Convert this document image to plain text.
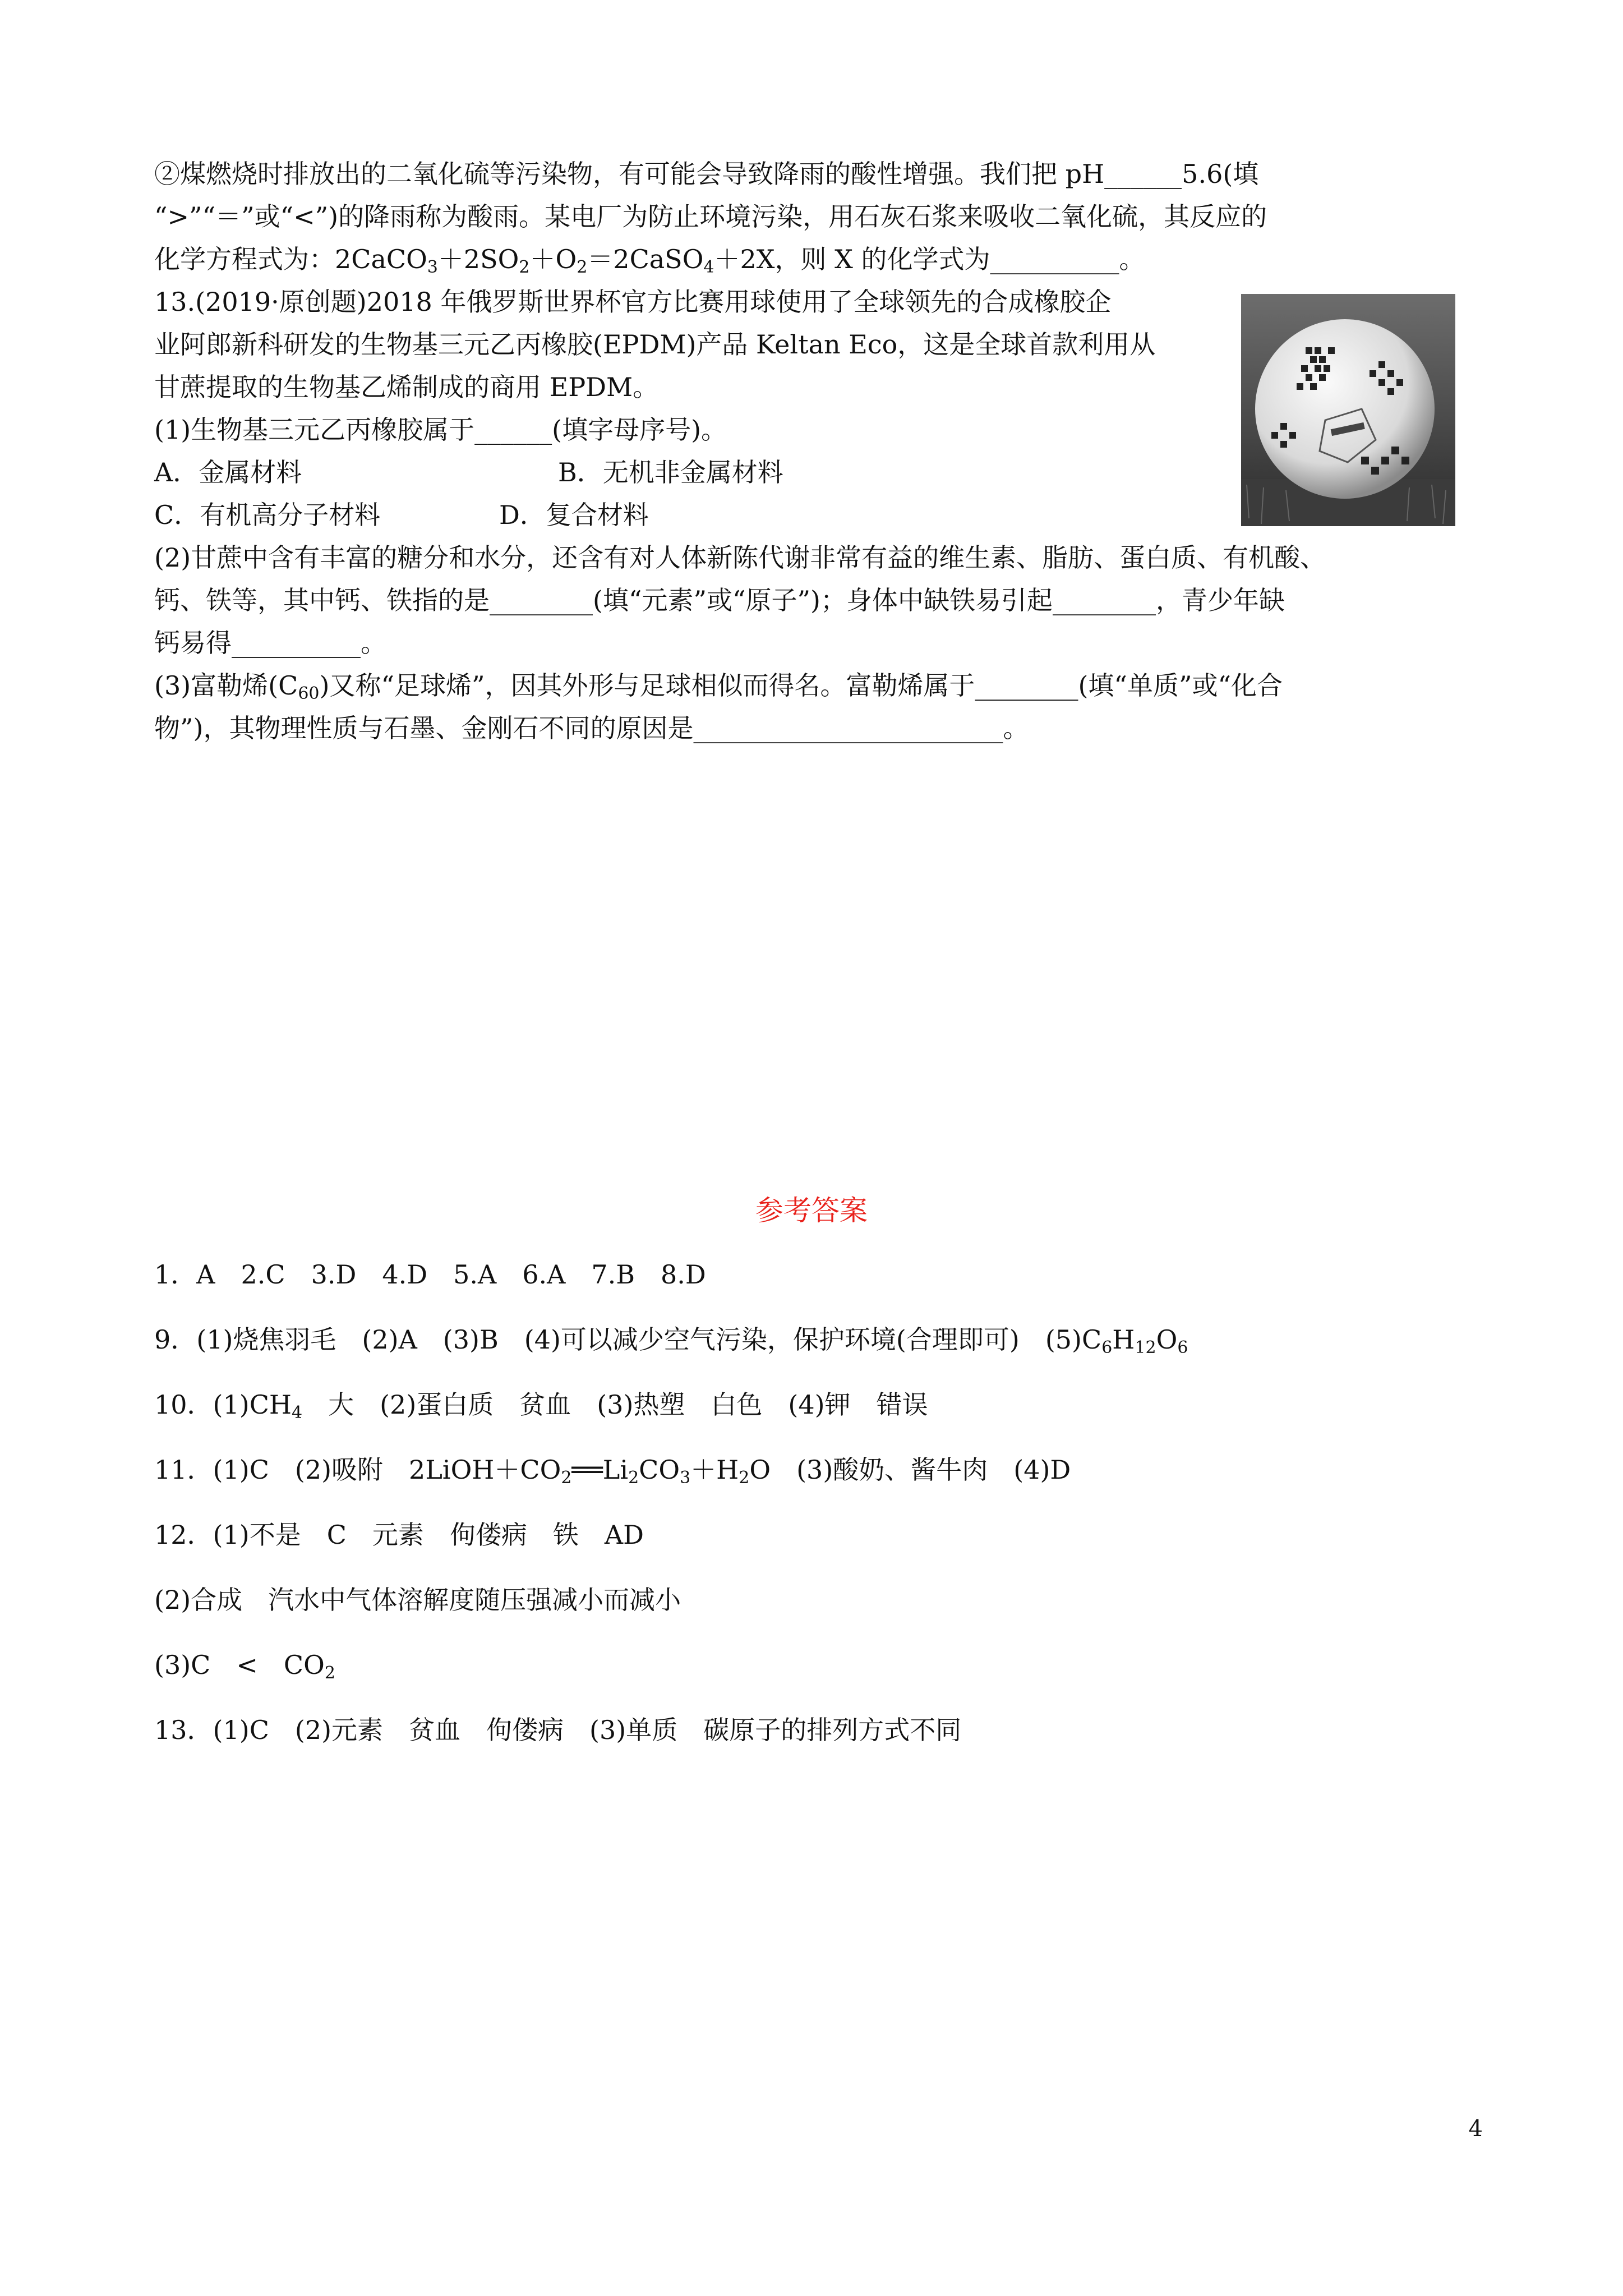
②煤燃烧时排放出的二氧化硫等污染物，有可能会导致降雨的酸性增强。我们把 pH______5.6(填
“>”“＝”或“<”)的降雨称为酸雨。某电厂为防止环境污染，用石灰石浆来吸收二氧化硫，其反应的
化学方程式为：$2CaCO_3+2SO_2+O_2=2CaSO_4+2X$，则 X 的化学式为__________。
13.(2019·原创题)2018 年俄罗斯世界杯官方比赛用球使用了全球领先的合成橡胶企
业阿郎新科研发的生物基三元乙丙橡胶(EPDM)产品 Keltan Eco，这是全球首款利用从
甘蔗提取的生物基乙烯制成的商用 EPDM。
(1)生物基三元乙丙橡胶属于______(填字母序号)。
A．金属材料	B．无机非金属材料
C．有机高分子材料	D．复合材料
(2)甘蔗中含有丰富的糖分和水分，还含有对人体新陈代谢非常有益的维生素、脂肪、蛋白质、有机酸、
钙、铁等，其中钙、铁指的是________(填“元素”或“原子”)；身体中缺铁易引起________，青少年缺
钙易得__________。
(3)富勒烯$(C_{60})$又称“足球烯”，因其外形与足球相似而得名。富勒烯属于________(填“单质”或“化合
物”)，其物理性质与石墨、金刚石不同的原因是________________________。
参考答案
1．A　2.C　3.D　4.D　5.A　6.A　7.B　8.D
9．(1)烧焦羽毛　(2)A　(3)B　(4)可以减少空气污染，保护环境(合理即可)　$(5)C_6H_{12}O_6$
10．$(1)CH_4$　大　(2)蛋白质　贫血　(3)热塑　白色　(4)钾　错误
11．(1)C　(2)吸附　$2LiOH+CO_2══Li_2CO_3+H_2O$　(3)酸奶、酱牛肉　(4)D
12．(1)不是　C　元素　佝偻病　铁　AD
(2)合成　汽水中气体溶解度随压强减小而减小
(3)C　<　$CO_2$
13．(1)C　(2)元素　贫血　佝偻病　(3)单质　碳原子的排列方式不同
4
